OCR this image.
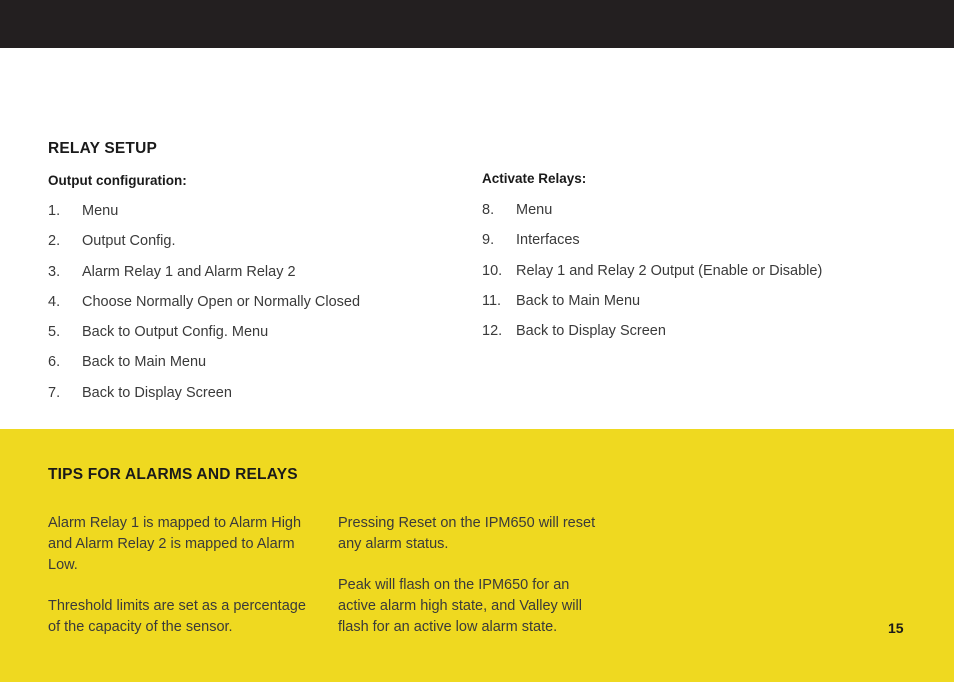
RELAY SETUP
Output configuration:
1. Menu
2. Output Config.
3. Alarm Relay 1 and Alarm Relay 2
4. Choose Normally Open or Normally Closed
5. Back to Output Config. Menu
6. Back to Main Menu
7. Back to Display Screen
Activate Relays:
8. Menu
9. Interfaces
10. Relay 1 and Relay 2 Output (Enable or Disable)
11. Back to Main Menu
12. Back to Display Screen
TIPS FOR ALARMS AND RELAYS

Alarm Relay 1 is mapped to Alarm High and Alarm Relay 2 is mapped to Alarm Low.

Threshold limits are set as a percentage of the capacity of the sensor.

Pressing Reset on the IPM650 will reset any alarm status.

Peak will flash on the IPM650 for an active alarm high state, and Valley will flash for an active low alarm state.	15
